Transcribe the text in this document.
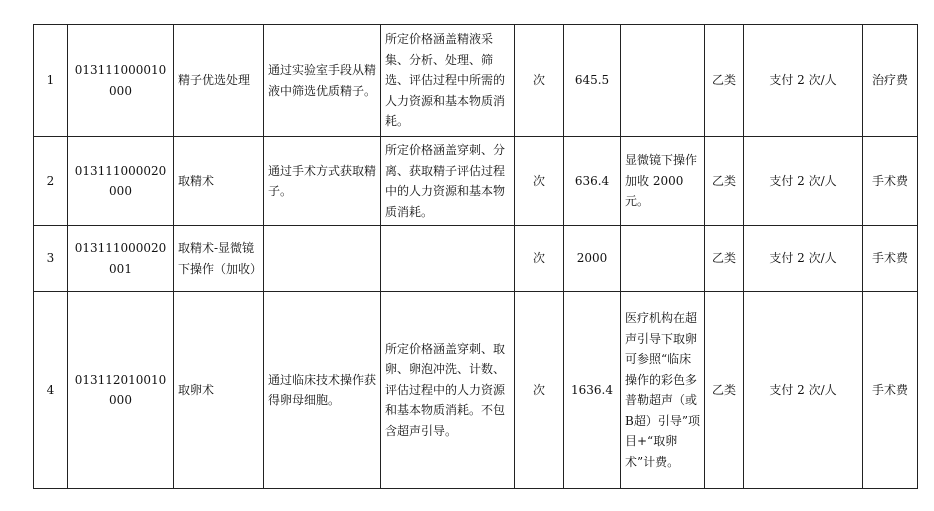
1	013111000010000	精子优选处理	通过实验室手段从精液中筛选优质精子。	所定价格涵盖精液采集、分析、处理、筛选、评估过程中所需的人力资源和基本物质消耗。	次	645.5		乙类	支付 2 次/人	治疗费
2	013111000020000	取精术	通过手术方式获取精子。	所定价格涵盖穿刺、分离、获取精子评估过程中的人力资源和基本物质消耗。	次	636.4	显微镜下操作加收 2000 元。	乙类	支付 2 次/人	手术费
3	013111000020001	取精术-显微镜下操作（加收）			次	2000		乙类	支付 2 次/人	手术费
4	013112010010000	取卵术	通过临床技术操作获得卵母细胞。	所定价格涵盖穿刺、取卵、卵泡冲洗、计数、评估过程中的人力资源和基本物质消耗。不包含超声引导。	次	1636.4	医疗机构在超声引导下取卵可参照“临床操作的彩色多普勒超声（或B超）引导”项目+“取卵术”计费。	乙类	支付 2 次/人	手术费
